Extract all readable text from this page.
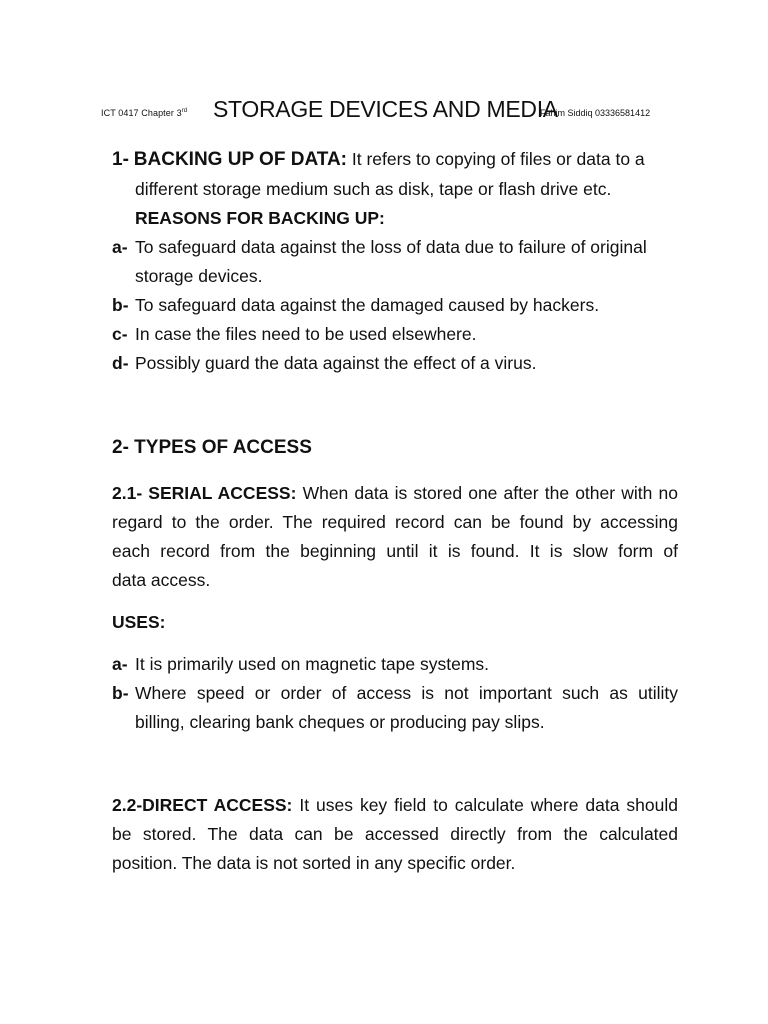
ICT 0417 Chapter 3rd STORAGE DEVICES AND MEDIA
Fahim Siddiq 03336581412
1- BACKING UP OF DATA: It refers to copying of files or data to a
different storage medium such as disk, tape or flash drive etc.
REASONS FOR BACKING UP:
a- To safeguard data against the loss of data due to failure of original
storage devices.
b- To safeguard data against the damaged caused by hackers.
c- In case the files need to be used elsewhere.
d- Possibly guard the data against the effect of a virus.
2- TYPES OF ACCESS
2.1- SERIAL ACCESS: When data is stored one after the other with no
regard to the order. The required record can be found by accessing
each record from the beginning until it is found. It is slow form of
data access.
USES:
a- It is primarily used on magnetic tape systems.
b- Where speed or order of access is not important such as utility
billing, clearing bank cheques or producing pay slips.
2.2-DIRECT ACCESS: It uses key field to calculate where data should
be stored. The data can be accessed directly from the calculated
position. The data is not sorted in any specific order.
